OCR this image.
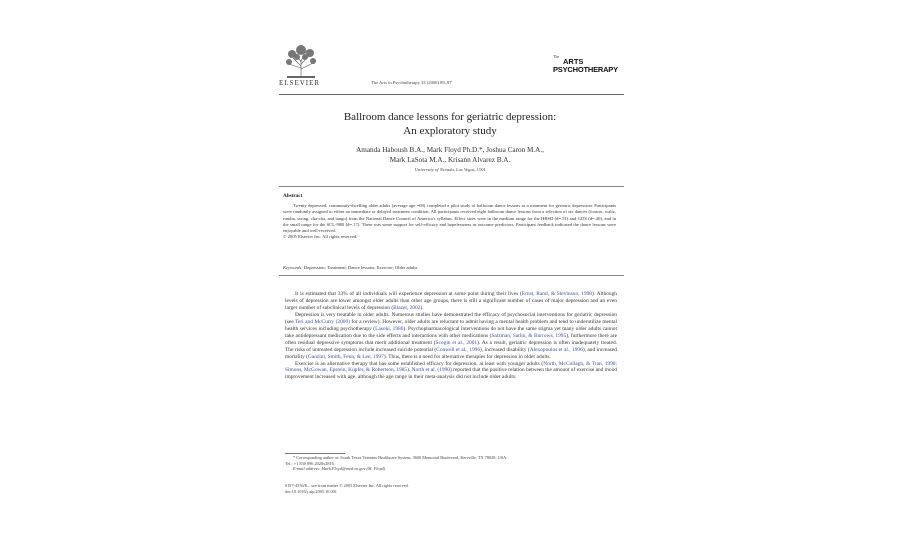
ELSEVIER	The Arts in Psychotherapy 33 (2006) 89–97
The
ARTS
PSYCHOTHERAPY
Ballroom dance lessons for geriatric depression:
An exploratory study
Amanda Haboush B.A., Mark Floyd Ph.D.*, Joshua Caron M.A.,
Mark LaSota M.A., Krisann Alvarez B.A.
University of Nevada, Las Vegas, USA
Abstract
Twenty depressed, community-dwelling older adults (average age =69) completed a pilot study of ballroom dance lessons as a treatment for geriatric depression. Participants were randomly assigned to either an immediate or delayed treatment condition. All participants received eight ballroom dance lessons from a selection of six dances (foxtrot, waltz, rumba, swing, cha-cha, and tango) from the National Dance Council of America's syllabus. Effect sizes were in the medium range for the HRSD (d=.51) and GDS (d=.40), and in the small range for the SCL-90R (d=.17). There was some support for self-efficacy and hopelessness as outcome predictors. Participant feedback indicated the dance lessons were enjoyable and well-received.
© 2005 Elsevier Inc. All rights reserved.
Keywords: Depression; Treatment; Dance lessons; Exercise; Older adults

It is estimated that 33% of all individuals will experience depression at some point during their lives (Ernst, Rand, & Stevinson, 1998). Although levels of depression are lower amongst older adults than other age groups, there is still a significant number of cases of major depression and an even larger number of subclinical levels of depression (Blazer, 2002).

Depression is very treatable in older adults. Numerous studies have demonstrated the efficacy of psychosocial interventions for geriatric depression (see Teri and McCurry (2000) for a review). However, older adults are reluctant to admit having a mental health problem and tend to underutilize mental health services including psychotherapy (Lasoki, 1986). Psychopharmacological interventions do not have the same stigma yet many older adults cannot take antidepressant medication due to the side effects and interactions with other medications (Salzman, Satlin, & Burrows, 1995), furthermore there are often residual depressive symptoms that merit additional treatment (Scogin et al., 2001). As a result, geriatric depression is often inadequately treated. The risks of untreated depression include increased suicide potential (Conwell et al., 1996), increased disability (Alexopoulos et al., 1996), and increased mortality (Ganzini, Smith, Fenn, & Lee, 1997). Thus, there is a need for alternative therapies for depression in older adults.

Exercise is an alternative therapy that has some established efficacy for depression, at least with younger adults (North, McCullagh, & Tran, 1990; Simons, McGowan, Epstein, Kupfer, & Robertson, 1985). North et al. (1990) reported that the positive relation between the amount of exercise and mood improvement increased with age, although the age range in their meta-analysis did not include older adults.

* Corresponding author at: South Texas Veterans Healthcare System, 3600 Memorial Boulevard, Kerrville, TX 78028, USA.
Tel.: +1 830 896 2020x2816.
E-mail address: Mark.Floyd@med.va.gov (M. Floyd).
0197-4556/$ – see front matter © 2005 Elsevier Inc. All rights reserved.
doi:10.1016/j.aip.2005.10.001
